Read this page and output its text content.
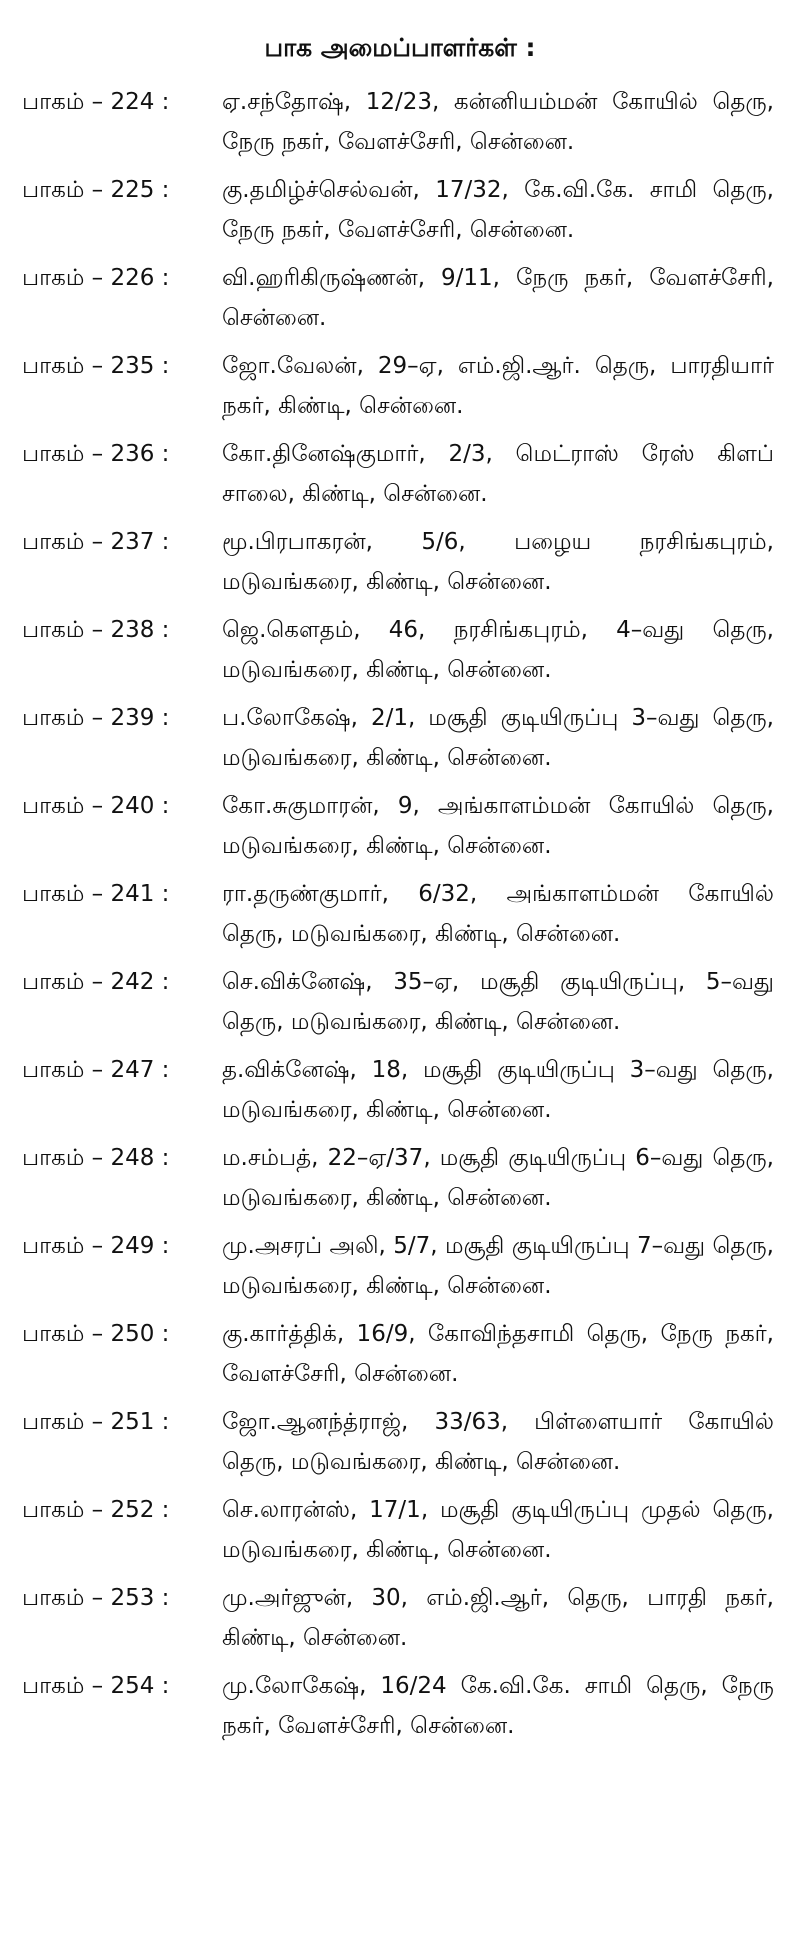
பாக அமைப்பாளர்கள் :
பாகம் – 224 :	ஏ.சந்தோஷ், 12/23, கன்னியம்மன் கோயில் தெரு, நேரு நகர், வேளச்சேரி, சென்னை.
பாகம் – 225 :	கு.தமிழ்ச்செல்வன், 17/32, கே.வி.கே. சாமி தெரு, நேரு நகர், வேளச்சேரி, சென்னை.
பாகம் – 226 :	வி.ஹரிகிருஷ்ணன், 9/11, நேரு நகர், வேளச்சேரி, சென்னை.
பாகம் – 235 :	ஜோ.வேலன், 29–ஏ, எம்.ஜி.ஆர். தெரு, பாரதியார் நகர், கிண்டி, சென்னை.
பாகம் – 236 :	கோ.தினேஷ்குமார், 2/3, மெட்ராஸ் ரேஸ் கிளப் சாலை, கிண்டி, சென்னை.
பாகம் – 237 :	மூ.பிரபாகரன், 5/6, பழைய நரசிங்கபுரம், மடுவங்கரை, கிண்டி, சென்னை.
பாகம் – 238 :	ஜெ.கௌதம், 46, நரசிங்கபுரம், 4–வது தெரு, மடுவங்கரை, கிண்டி, சென்னை.
பாகம் – 239 :	ப.லோகேஷ், 2/1, மசூதி குடியிருப்பு 3–வது தெரு, மடுவங்கரை, கிண்டி, சென்னை.
பாகம் – 240 :	கோ.சுகுமாரன், 9, அங்காளம்மன் கோயில் தெரு, மடுவங்கரை, கிண்டி, சென்னை.
பாகம் – 241 :	ரா.தருண்குமார், 6/32, அங்காளம்மன் கோயில் தெரு, மடுவங்கரை, கிண்டி, சென்னை.
பாகம் – 242 :	செ.விக்னேஷ், 35–ஏ, மசூதி குடியிருப்பு, 5–வது தெரு, மடுவங்கரை, கிண்டி, சென்னை.
பாகம் – 247 :	த.விக்னேஷ், 18, மசூதி குடியிருப்பு 3–வது தெரு, மடுவங்கரை, கிண்டி, சென்னை.
பாகம் – 248 :	ம.சம்பத், 22–ஏ/37, மசூதி குடியிருப்பு 6–வது தெரு, மடுவங்கரை, கிண்டி, சென்னை.
பாகம் – 249 :	மு.அசரப் அலி, 5/7, மசூதி குடியிருப்பு 7–வது தெரு, மடுவங்கரை, கிண்டி, சென்னை.
பாகம் – 250 :	கு.கார்த்திக், 16/9, கோவிந்தசாமி தெரு, நேரு நகர், வேளச்சேரி, சென்னை.
பாகம் – 251 :	ஜோ.ஆனந்த்ராஜ், 33/63, பிள்ளையார் கோயில் தெரு, மடுவங்கரை, கிண்டி, சென்னை.
பாகம் – 252 :	செ.லாரன்ஸ், 17/1, மசூதி குடியிருப்பு முதல் தெரு, மடுவங்கரை, கிண்டி, சென்னை.
பாகம் – 253 :	மு.அர்ஜுன், 30, எம்.ஜி.ஆர், தெரு, பாரதி நகர், கிண்டி, சென்னை.
பாகம் – 254 :	மு.லோகேஷ், 16/24 கே.வி.கே. சாமி தெரு, நேரு நகர், வேளச்சேரி, சென்னை.
